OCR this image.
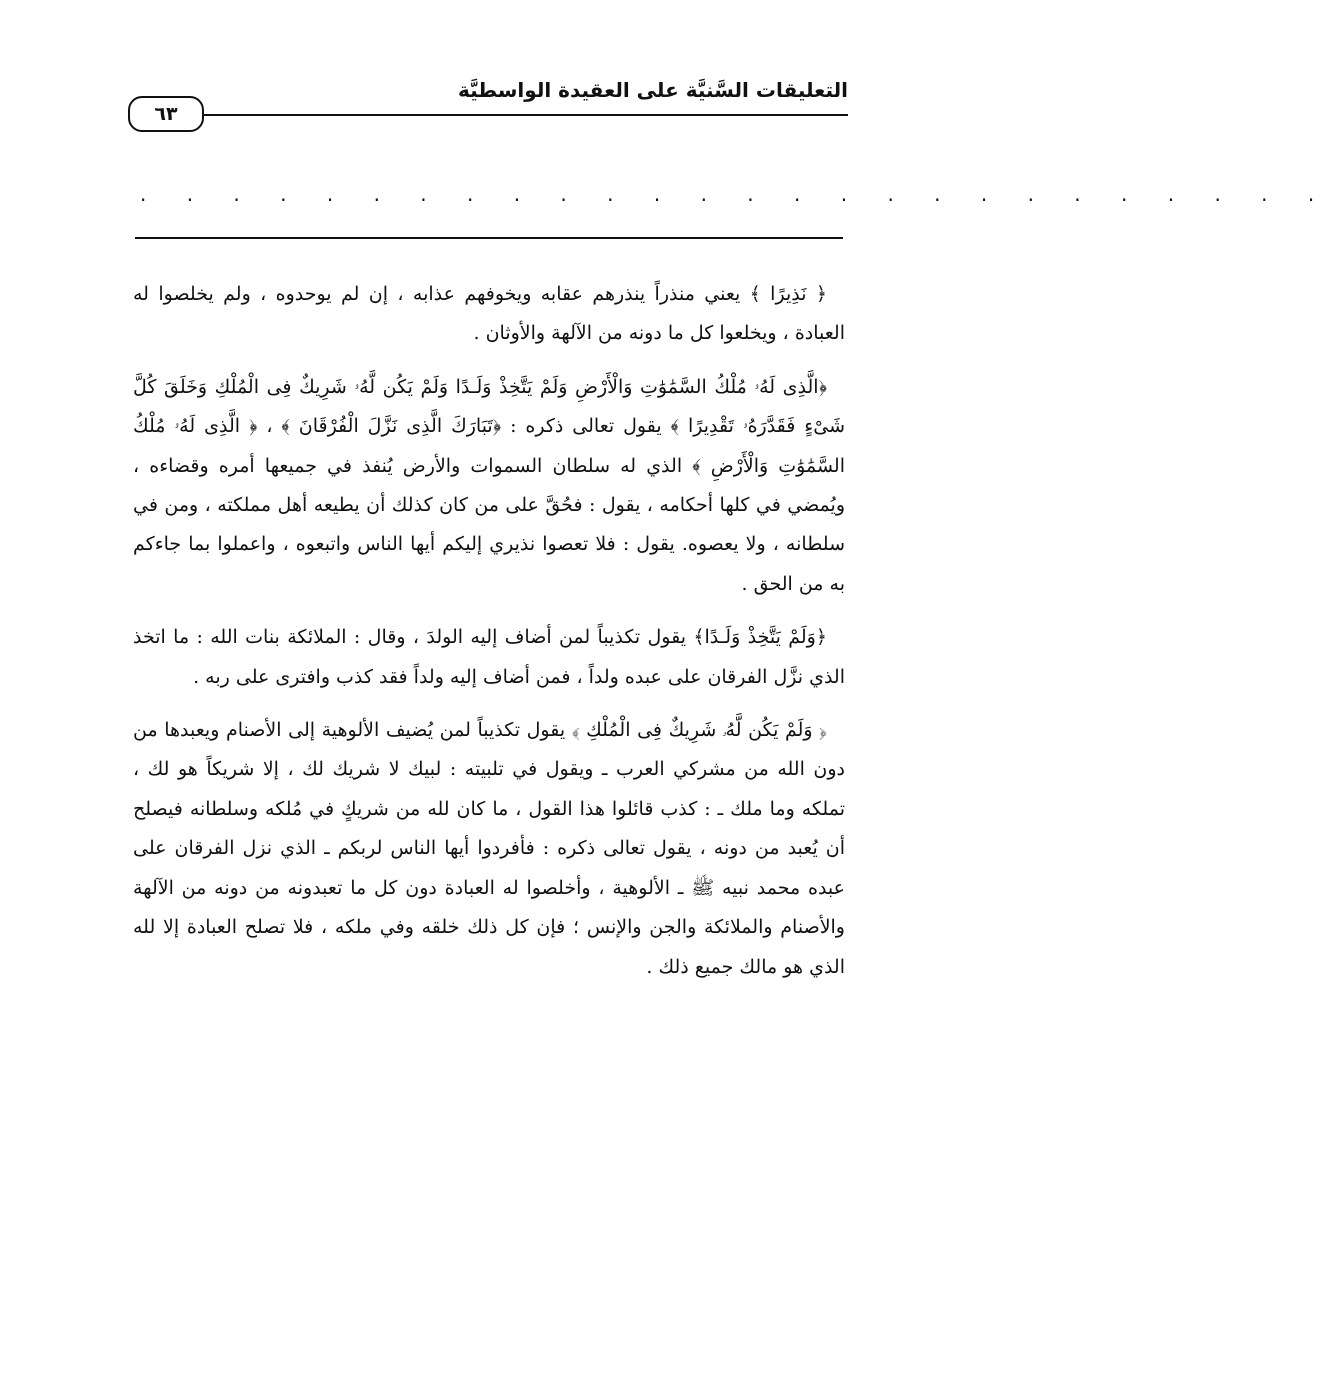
التعليقات السَّنيَّة على العقيدة الواسطيَّة
٦٣
. . . . . . . . . . . . . . . . . . . . . . . . . .

﴿ نَذِيرًا ﴾ يعني منذراً ينذرهم عقابه ويخوفهم عذابه ، إن لم يوحدوه ، ولم يخلصوا له العبادة ، ويخلعوا كل ما دونه من الآلهة والأوثان .

﴿الَّذِى لَهُۥ مُلْكُ السَّمَٰوَٰتِ وَالْأَرْضِ وَلَمْ يَتَّخِذْ وَلَـدًا وَلَمْ يَكُن لَّهُۥ شَرِيكٌ فِى الْمُلْكِ وَخَلَقَ كُلَّ شَىْءٍ فَقَدَّرَهُۥ تَقْدِيرًا ﴾ يقول تعالى ذكره : ﴿تَبَارَكَ الَّذِى نَزَّلَ الْفُرْقَانَ ﴾ ، ﴿ الَّذِى لَهُۥ مُلْكُ السَّمَٰوَٰتِ وَالْأَرْضِ ﴾ الذي له سلطان السموات والأرض يُنفذ في جميعها أمره وقضاءه ، ويُمضي في كلها أحكامه ، يقول : فحُقَّ على من كان كذلك أن يطيعه أهل مملكته ، ومن في سلطانه ، ولا يعصوه. يقول : فلا تعصوا نذيري إليكم أيها الناس واتبعوه ، واعملوا بما جاءكم به من الحق .

﴿وَلَمْ يَتَّخِذْ وَلَـدًا﴾ يقول تكذيباً لمن أضاف إليه الولدَ ، وقال : الملائكة بنات الله : ما اتخذ الذي نزَّل الفرقان على عبده ولداً ، فمن أضاف إليه ولداً فقد كذب وافترى على ربه .

﴿ وَلَمْ يَكُن لَّهُۥ شَرِيكٌ فِى الْمُلْكِ ﴾ يقول تكذيباً لمن يُضيف الألوهية إلى الأصنام ويعبدها من دون الله من مشركي العرب ـ ويقول في تلبيته : لبيك لا شريك لك ، إلا شريكاً هو لك ، تملكه وما ملك ـ : كذب قائلوا هذا القول ، ما كان لله من شريكٍ في مُلكه وسلطانه فيصلح أن يُعبد من دونه ، يقول تعالى ذكره : فأفردوا أيها الناس لربكم ـ الذي نزل الفرقان على عبده محمد نبيه ﷺ ـ الألوهية ، وأخلصوا له العبادة دون كل ما تعبدونه من دونه من الآلهة والأصنام والملائكة والجن والإنس ؛ فإن كل ذلك خلقه وفي ملكه ، فلا تصلح العبادة إلا لله الذي هو مالك جميع ذلك .
